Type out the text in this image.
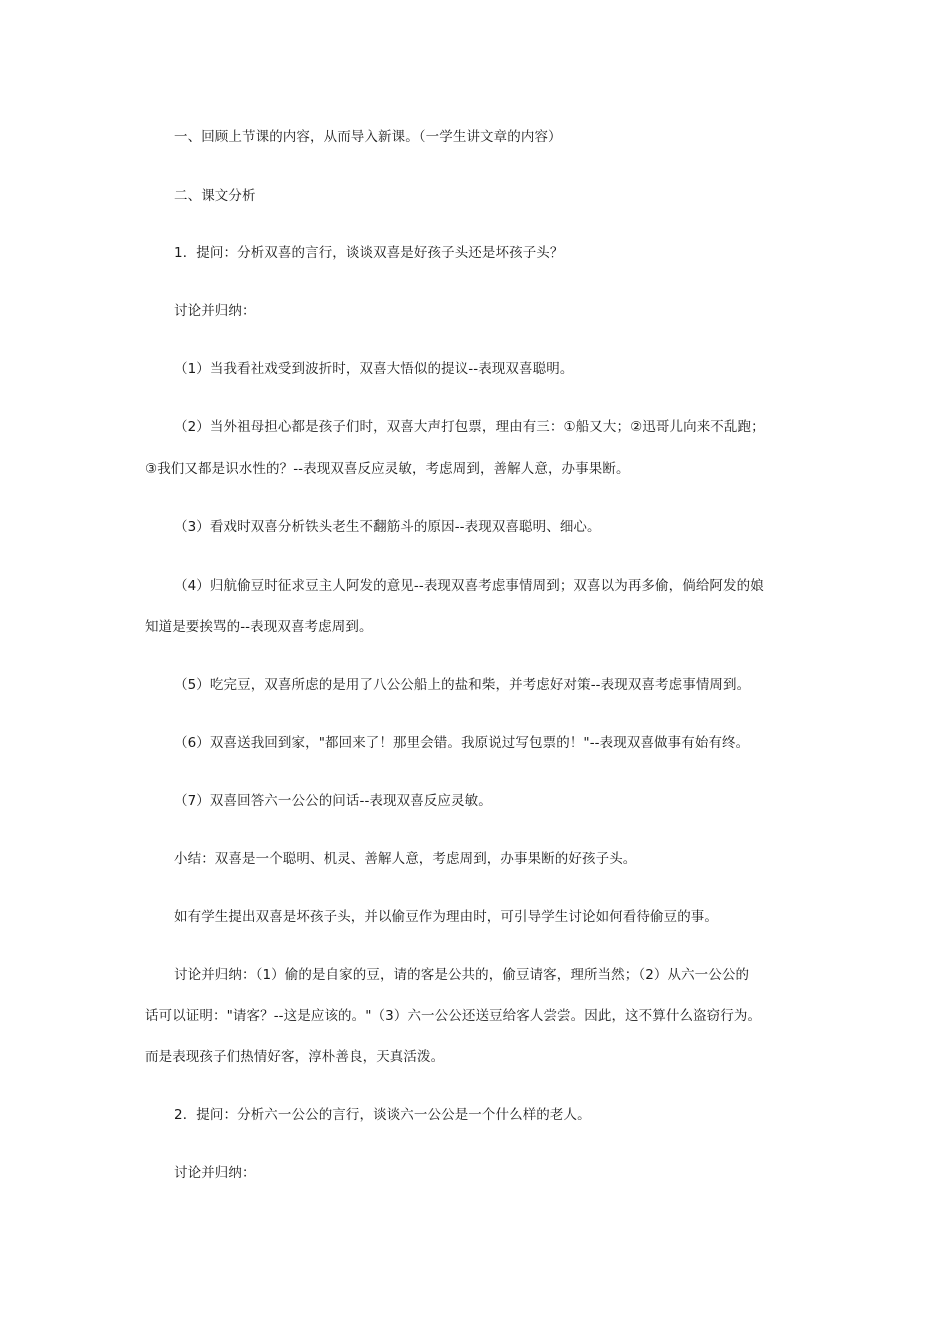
一、回顾上节课的内容，从而导入新课。（一学生讲文章的内容）
二、课文分析
1．提问：分析双喜的言行，谈谈双喜是好孩子头还是坏孩子头？
讨论并归纳：
（1）当我看社戏受到波折时，双喜大悟似的提议--表现双喜聪明。
（2）当外祖母担心都是孩子们时，双喜大声打包票，理由有三：①船又大；②迅哥儿向来不乱跑；
③我们又都是识水性的？--表现双喜反应灵敏，考虑周到，善解人意，办事果断。
（3）看戏时双喜分析铁头老生不翻筋斗的原因--表现双喜聪明、细心。
（4）归航偷豆时征求豆主人阿发的意见--表现双喜考虑事情周到；双喜以为再多偷，倘给阿发的娘
知道是要挨骂的--表现双喜考虑周到。
（5）吃完豆，双喜所虑的是用了八公公船上的盐和柴，并考虑好对策--表现双喜考虑事情周到。
（6）双喜送我回到家，"都回来了！那里会错。我原说过写包票的！"--表现双喜做事有始有终。
（7）双喜回答六一公公的问话--表现双喜反应灵敏。
小结：双喜是一个聪明、机灵、善解人意，考虑周到，办事果断的好孩子头。
如有学生提出双喜是坏孩子头，并以偷豆作为理由时，可引导学生讨论如何看待偷豆的事。
讨论并归纳：（1）偷的是自家的豆，请的客是公共的，偷豆请客，理所当然；（2）从六一公公的
话可以证明："请客？--这是应该的。"（3）六一公公还送豆给客人尝尝。因此，这不算什么盗窃行为。
而是表现孩子们热情好客，淳朴善良，天真活泼。
2．提问：分析六一公公的言行，谈谈六一公公是一个什么样的老人。
讨论并归纳：
